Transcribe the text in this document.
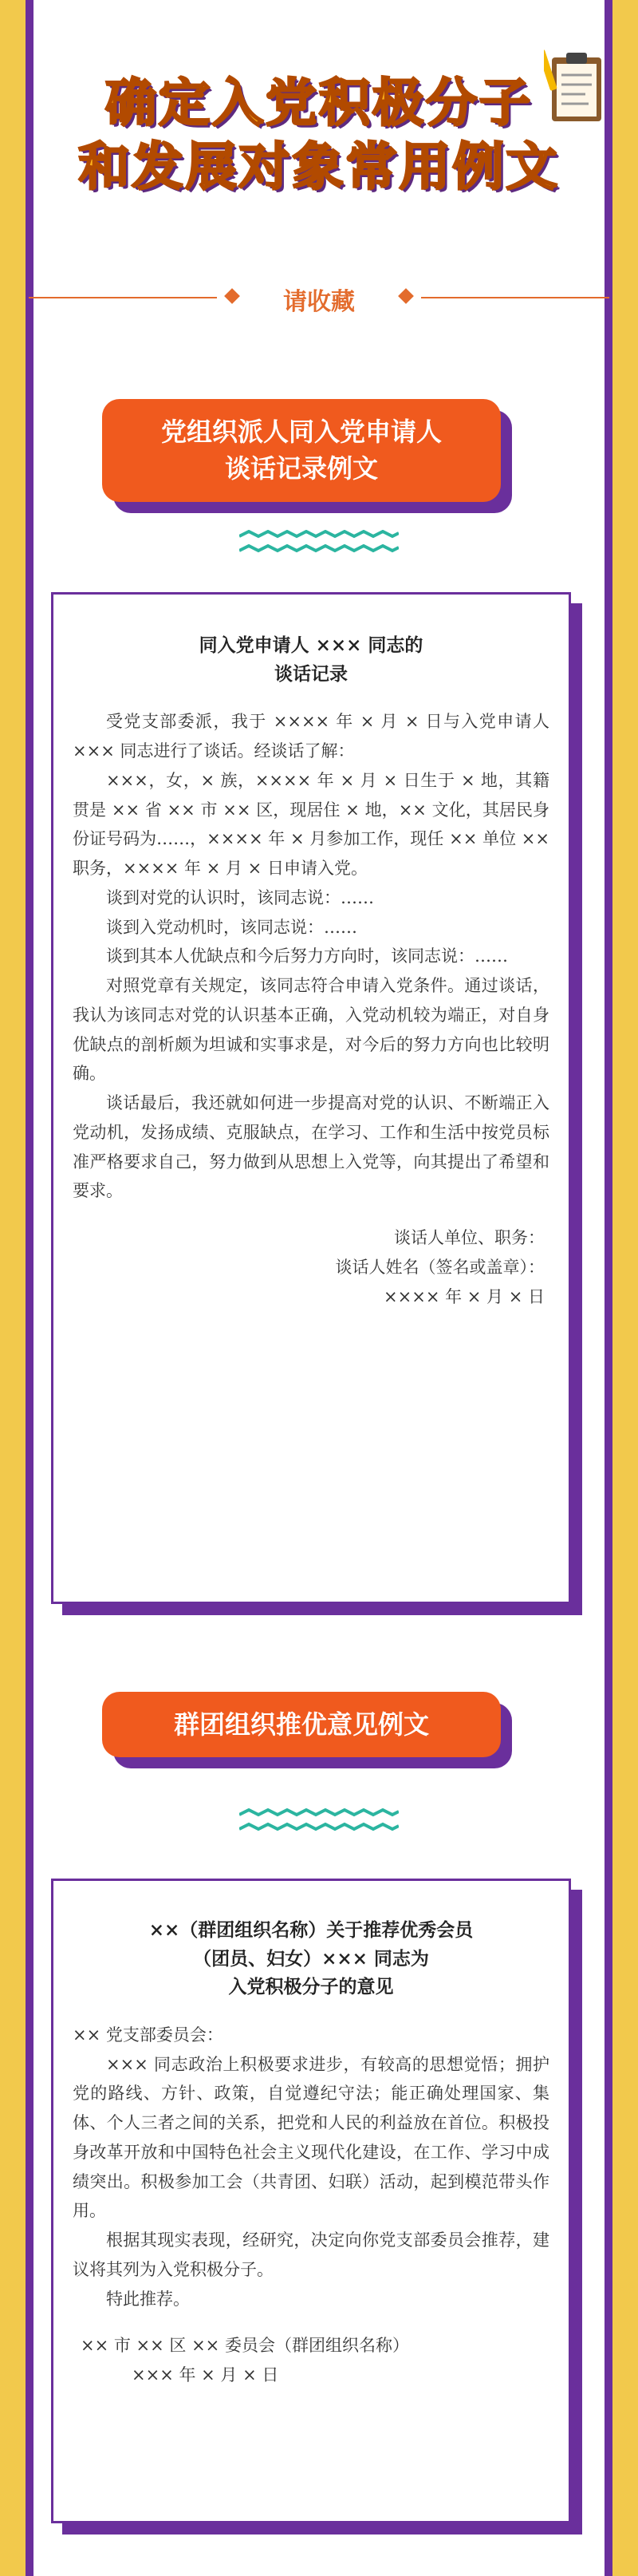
确定入党积极分子
和发展对象常用例文
请收藏
党组织派人同入党申请人
谈话记录例文
同入党申请人 ××× 同志的
谈话记录

受党支部委派，我于 ×××× 年 × 月 × 日与入党申请人 ××× 同志进行了谈话。经谈话了解：

×××，女，× 族，×××× 年 × 月 × 日生于 × 地，其籍贯是 ×× 省 ×× 市 ×× 区，现居住 × 地，×× 文化，其居民身份证号码为……，×××× 年 × 月参加工作，现任 ×× 单位 ×× 职务，×××× 年 × 月 × 日申请入党。

谈到对党的认识时，该同志说：……

谈到入党动机时，该同志说：……

谈到其本人优缺点和今后努力方向时，该同志说：……

对照党章有关规定，该同志符合申请入党条件。通过谈话，我认为该同志对党的认识基本正确，入党动机较为端正，对自身优缺点的剖析颇为坦诚和实事求是，对今后的努力方向也比较明确。

谈话最后，我还就如何进一步提高对党的认识、不断端正入党动机，发扬成绩、克服缺点，在学习、工作和生活中按党员标准严格要求自己，努力做到从思想上入党等，向其提出了希望和要求。

谈话人单位、职务：
谈话人姓名（签名或盖章）：
×××× 年 × 月 × 日
群团组织推优意见例文
××（群团组织名称）关于推荐优秀会员
（团员、妇女）××× 同志为
入党积极分子的意见

×× 党支部委员会：

××× 同志政治上积极要求进步，有较高的思想觉悟；拥护党的路线、方针、政策，自觉遵纪守法；能正确处理国家、集体、个人三者之间的关系，把党和人民的利益放在首位。积极投身改革开放和中国特色社会主义现代化建设，在工作、学习中成绩突出。积极参加工会（共青团、妇联）活动，起到模范带头作用。

根据其现实表现，经研究，决定向你党支部委员会推荐，建议将其列为入党积极分子。

特此推荐。

×× 市 ×× 区 ×× 委员会（群团组织名称）
××× 年 × 月 × 日
